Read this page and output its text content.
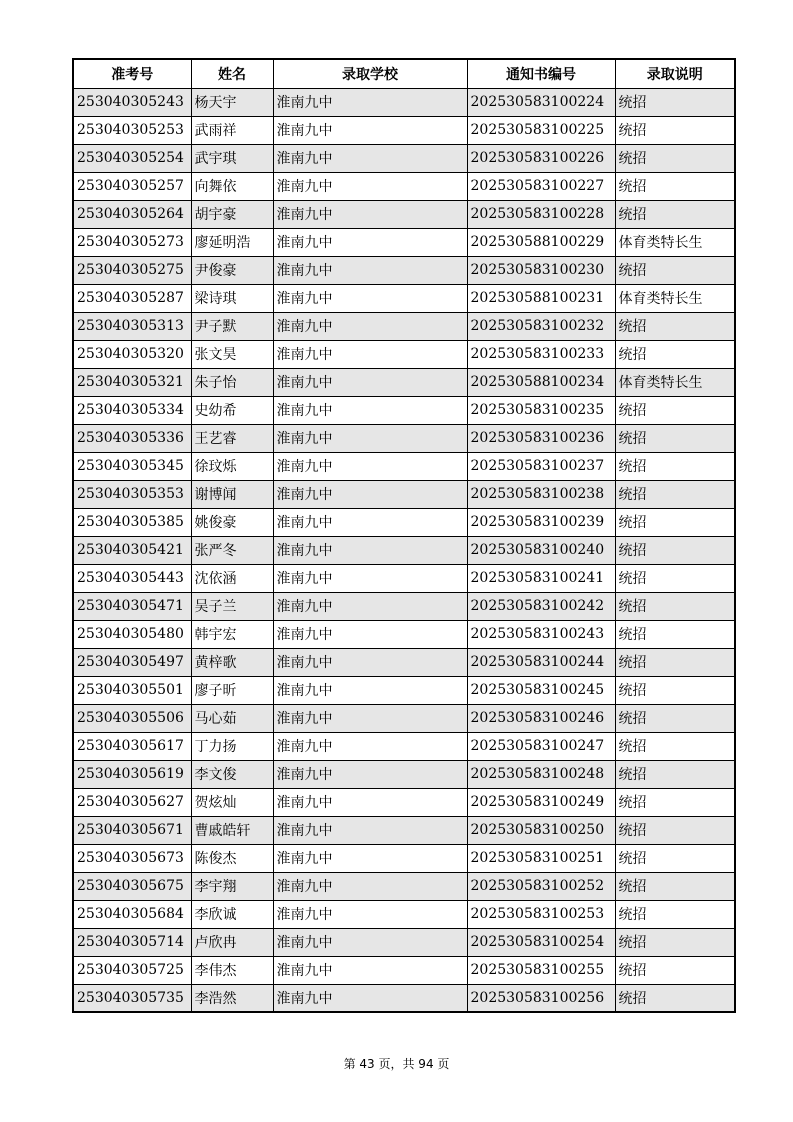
准考号	姓名	录取学校	通知书编号	录取说明
253040305243	杨天宇	淮南九中	202530583100224	统招
253040305253	武雨祥	淮南九中	202530583100225	统招
253040305254	武宇琪	淮南九中	202530583100226	统招
253040305257	向舞依	淮南九中	202530583100227	统招
253040305264	胡宇豪	淮南九中	202530583100228	统招
253040305273	廖延明浩	淮南九中	202530588100229	体育类特长生
253040305275	尹俊豪	淮南九中	202530583100230	统招
253040305287	梁诗琪	淮南九中	202530588100231	体育类特长生
253040305313	尹子默	淮南九中	202530583100232	统招
253040305320	张文昊	淮南九中	202530583100233	统招
253040305321	朱子怡	淮南九中	202530588100234	体育类特长生
253040305334	史幼希	淮南九中	202530583100235	统招
253040305336	王艺睿	淮南九中	202530583100236	统招
253040305345	徐玟烁	淮南九中	202530583100237	统招
253040305353	谢博闻	淮南九中	202530583100238	统招
253040305385	姚俊豪	淮南九中	202530583100239	统招
253040305421	张严冬	淮南九中	202530583100240	统招
253040305443	沈依涵	淮南九中	202530583100241	统招
253040305471	吴子兰	淮南九中	202530583100242	统招
253040305480	韩宇宏	淮南九中	202530583100243	统招
253040305497	黄梓歌	淮南九中	202530583100244	统招
253040305501	廖子昕	淮南九中	202530583100245	统招
253040305506	马心茹	淮南九中	202530583100246	统招
253040305617	丁力扬	淮南九中	202530583100247	统招
253040305619	李文俊	淮南九中	202530583100248	统招
253040305627	贺炫灿	淮南九中	202530583100249	统招
253040305671	曹戚皓轩	淮南九中	202530583100250	统招
253040305673	陈俊杰	淮南九中	202530583100251	统招
253040305675	李宇翔	淮南九中	202530583100252	统招
253040305684	李欣诚	淮南九中	202530583100253	统招
253040305714	卢欣冉	淮南九中	202530583100254	统招
253040305725	李伟杰	淮南九中	202530583100255	统招
253040305735	李浩然	淮南九中	202530583100256	统招
第 43 页，共 94 页
